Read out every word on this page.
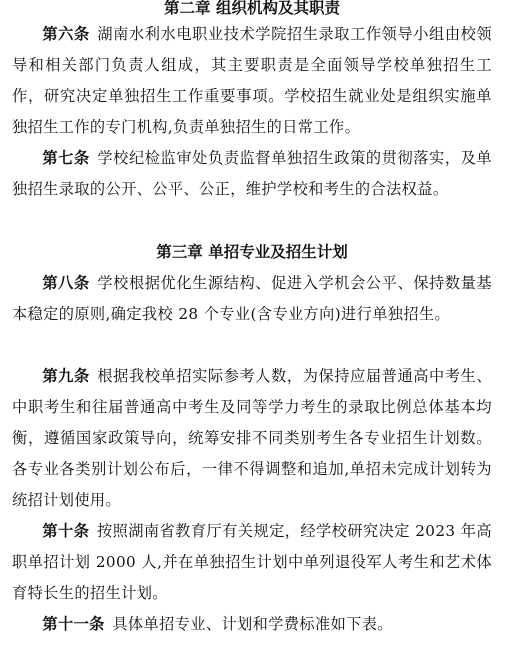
第二章 组织机构及其职责

第六条 湖南水利水电职业技术学院招生录取工作领导小组由校领导和相关部门负责人组成，其主要职责是全面领导学校单独招生工作，研究决定单独招生工作重要事项。学校招生就业处是组织实施单独招生工作的专门机构,负责单独招生的日常工作。

第七条 学校纪检监审处负责监督单独招生政策的贯彻落实，及单独招生录取的公开、公平、公正，维护学校和考生的合法权益。

第三章 单招专业及招生计划

第八条 学校根据优化生源结构、促进入学机会公平、保持数量基本稳定的原则,确定我校 28 个专业(含专业方向)进行单独招生。

第九条 根据我校单招实际参考人数，为保持应届普通高中考生、中职考生和往届普通高中考生及同等学力考生的录取比例总体基本均衡，遵循国家政策导向，统筹安排不同类别考生各专业招生计划数。各专业各类别计划公布后，一律不得调整和追加,单招未完成计划转为统招计划使用。

第十条 按照湖南省教育厅有关规定，经学校研究决定 2023 年高职单招计划 2000 人,并在单独招生计划中单列退役军人考生和艺术体育特长生的招生计划。

第十一条 具体单招专业、计划和学费标准如下表。
